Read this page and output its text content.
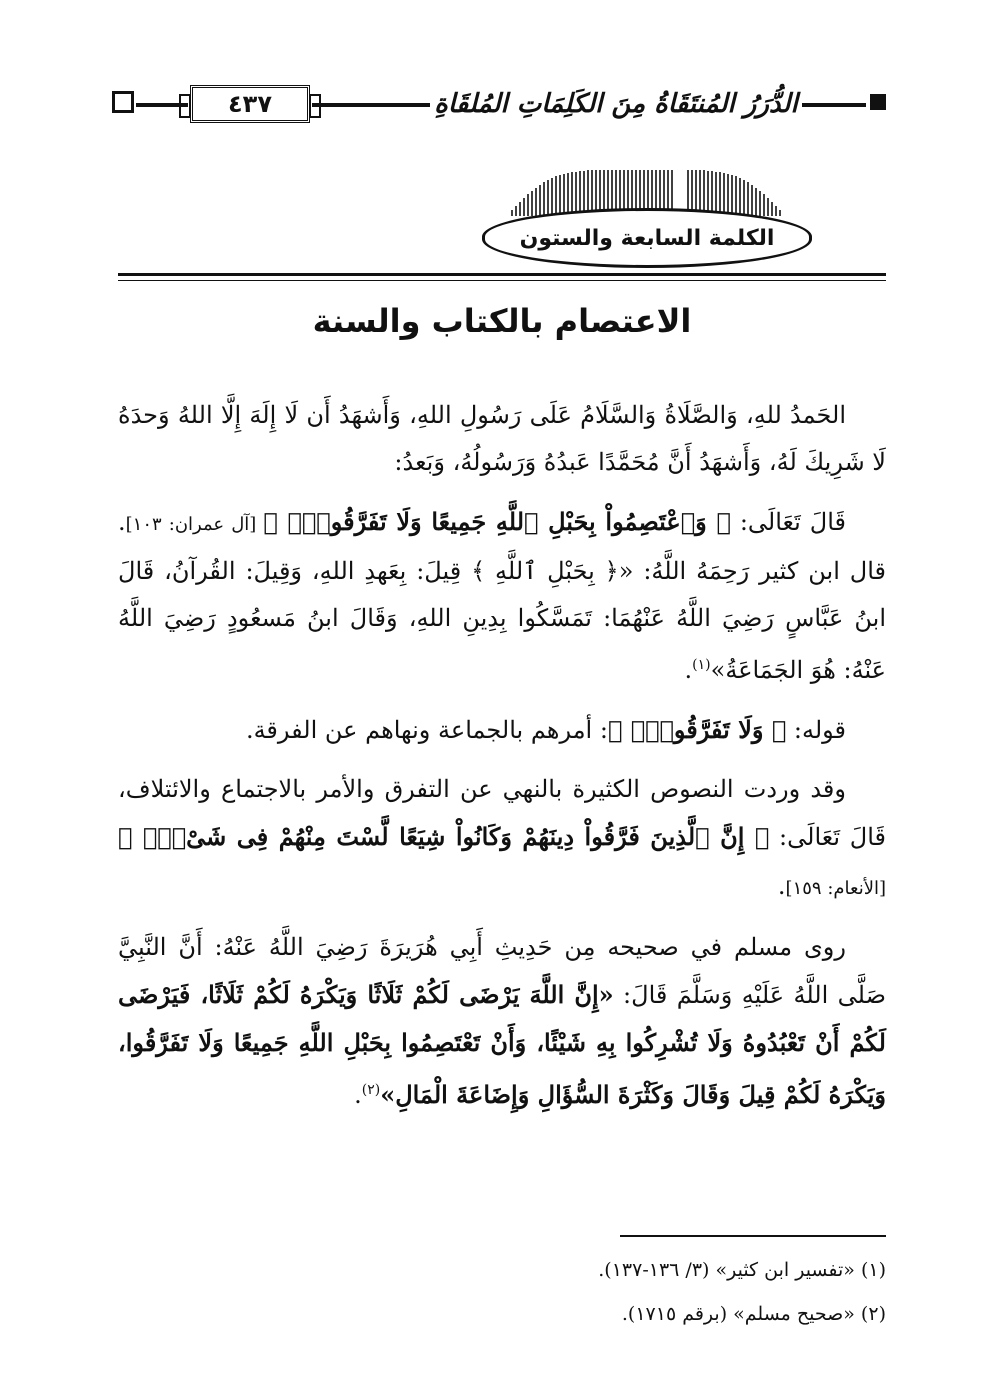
٤٣٧	الدُّرَرُ المُنتَقَاةُ مِنَ الكَلِمَاتِ المُلقَاةِ
الكلمة السابعة والستون
الاعتصام بالكتاب والسنة

الحَمدُ للهِ، وَالصَّلَاةُ وَالسَّلَامُ عَلَى رَسُولِ اللهِ، وَأَشهَدُ أَن لَا إِلَهَ إِلَّا اللهُ وَحدَهُ لَا شَرِيكَ لَهُ، وَأَشهَدُ أَنَّ مُحَمَّدًا عَبدُهُ وَرَسُولُهُ، وَبَعدُ:

قَالَ تَعَالَى: ﴿ وَٱعْتَصِمُواْ بِحَبْلِ ٱللَّهِ جَمِيعًا وَلَا تَفَرَّقُواْۚ ﴾ [آل عمران: ١٠٣]. قال ابن كثير رَحِمَهُ اللَّهُ: «﴿ بِحَبْلِ ٱللَّهِ ﴾ قِيلَ: بِعَهدِ اللهِ، وَقِيلَ: القُرآنُ، قَالَ ابنُ عَبَّاسٍ رَضِيَ اللَّهُ عَنْهُمَا: تَمَسَّكُوا بِدِينِ اللهِ، وَقَالَ ابنُ مَسعُودٍ رَضِيَ اللَّهُ عَنْهُ: هُوَ الجَمَاعَةُ»$^{(١)}$.

قوله: ﴿ وَلَا تَفَرَّقُواْۚ ﴾: أمرهم بالجماعة ونهاهم عن الفرقة.

وقد وردت النصوص الكثيرة بالنهي عن التفرق والأمر بالاجتماع والائتلاف، قَالَ تَعَالَى: ﴿ إِنَّ ٱلَّذِينَ فَرَّقُواْ دِينَهُمْ وَكَانُواْ شِيَعًا لَّسْتَ مِنْهُمْ فِى شَىْءٍۚ ﴾ [الأنعام: ١٥٩].

روى مسلم في صحيحه مِن حَدِيثِ أَبِي هُرَيرَةَ رَضِيَ اللَّهُ عَنْهُ: أَنَّ النَّبِيَّ صَلَّى اللَّهُ عَلَيْهِ وَسَلَّمَ قَالَ: «إِنَّ اللَّهَ يَرْضَى لَكُمْ ثَلَاثًا وَيَكْرَهُ لَكُمْ ثَلَاثًا، فَيَرْضَى لَكُمْ أَنْ تَعْبُدُوهُ وَلَا تُشْرِكُوا بِهِ شَيْئًا، وَأَنْ تَعْتَصِمُوا بِحَبْلِ اللَّهِ جَمِيعًا وَلَا تَفَرَّقُوا، وَيَكْرَهُ لَكُمْ قِيلَ وَقَالَ وَكَثْرَةَ السُّؤَالِ وَإِضَاعَةَ الْمَالِ»$^{(٢)}$.

(١) «تفسير ابن كثير» (٣/ ١٣٦-١٣٧).
(٢) «صحيح مسلم» (برقم ١٧١٥).
